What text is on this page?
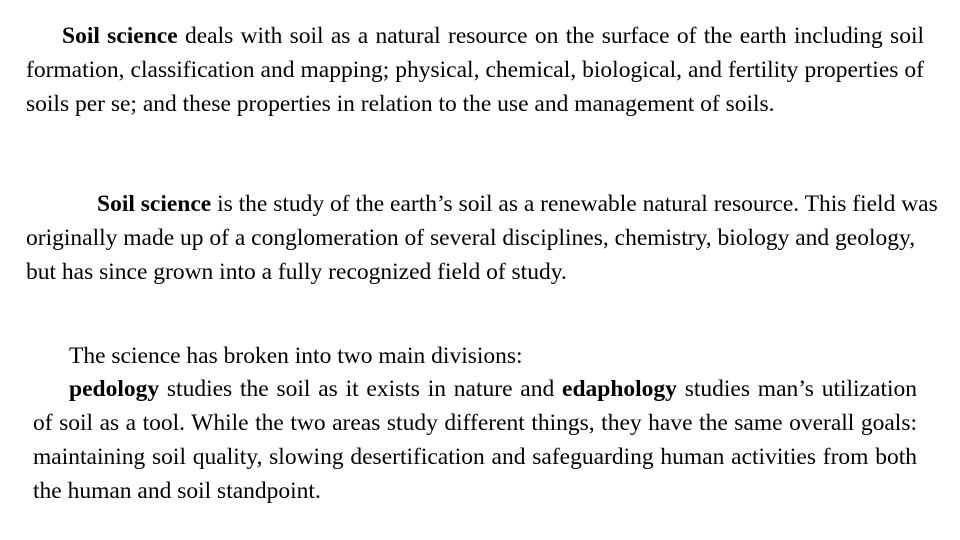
Soil science deals with soil as a natural resource on the surface of the earth including soil formation, classification and mapping; physical, chemical, biological, and fertility properties of soils per se; and these properties in relation to the use and management of soils.

Soil science is the study of the earth’s soil as a renewable natural resource. This field was originally made up of a conglomeration of several disciplines, chemistry, biology and geology, but has since grown into a fully recognized field of study.

The science has broken into two main divisions:

pedology studies the soil as it exists in nature and edaphology studies man’s utilization of soil as a tool. While the two areas study different things, they have the same overall goals: maintaining soil quality, slowing desertification and safeguarding human activities from both the human and soil standpoint.
